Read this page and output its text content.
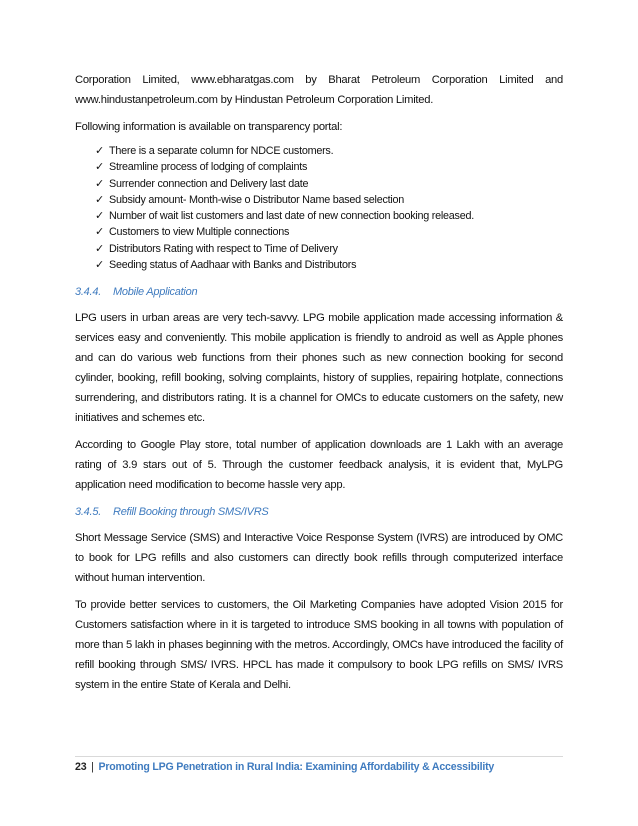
Corporation Limited, www.ebharatgas.com by Bharat Petroleum Corporation Limited and www.hindustanpetroleum.com by Hindustan Petroleum Corporation Limited.

Following information is available on transparency portal:

✓ There is a separate column for NDCE customers.
✓ Streamline process of lodging of complaints
✓ Surrender connection and Delivery last date
✓ Subsidy amount- Month-wise o Distributor Name based selection
✓ Number of wait list customers and last date of new connection booking released.
✓ Customers to view Multiple connections
✓ Distributors Rating with respect to Time of Delivery
✓ Seeding status of Aadhaar with Banks and Distributors
3.4.4. Mobile Application

LPG users in urban areas are very tech-savvy. LPG mobile application made accessing information & services easy and conveniently. This mobile application is friendly to android as well as Apple phones and can do various web functions from their phones such as new connection booking for second cylinder, booking, refill booking, solving complaints, history of supplies, repairing hotplate, connections surrendering, and distributors rating. It is a channel for OMCs to educate customers on the safety, new initiatives and schemes etc.

According to Google Play store, total number of application downloads are 1 Lakh with an average rating of 3.9 stars out of 5. Through the customer feedback analysis, it is evident that, MyLPG application need modification to become hassle very app.

3.4.5. Refill Booking through SMS/IVRS

Short Message Service (SMS) and Interactive Voice Response System (IVRS) are introduced by OMC to book for LPG refills and also customers can directly book refills through computerized interface without human intervention.

To provide better services to customers, the Oil Marketing Companies have adopted Vision 2015 for Customers satisfaction where in it is targeted to introduce SMS booking in all towns with population of more than 5 lakh in phases beginning with the metros. Accordingly, OMCs have introduced the facility of refill booking through SMS/ IVRS. HPCL has made it compulsory to book LPG refills on SMS/ IVRS system in the entire State of Kerala and Delhi.

23 | Promoting LPG Penetration in Rural India: Examining Affordability & Accessibility
